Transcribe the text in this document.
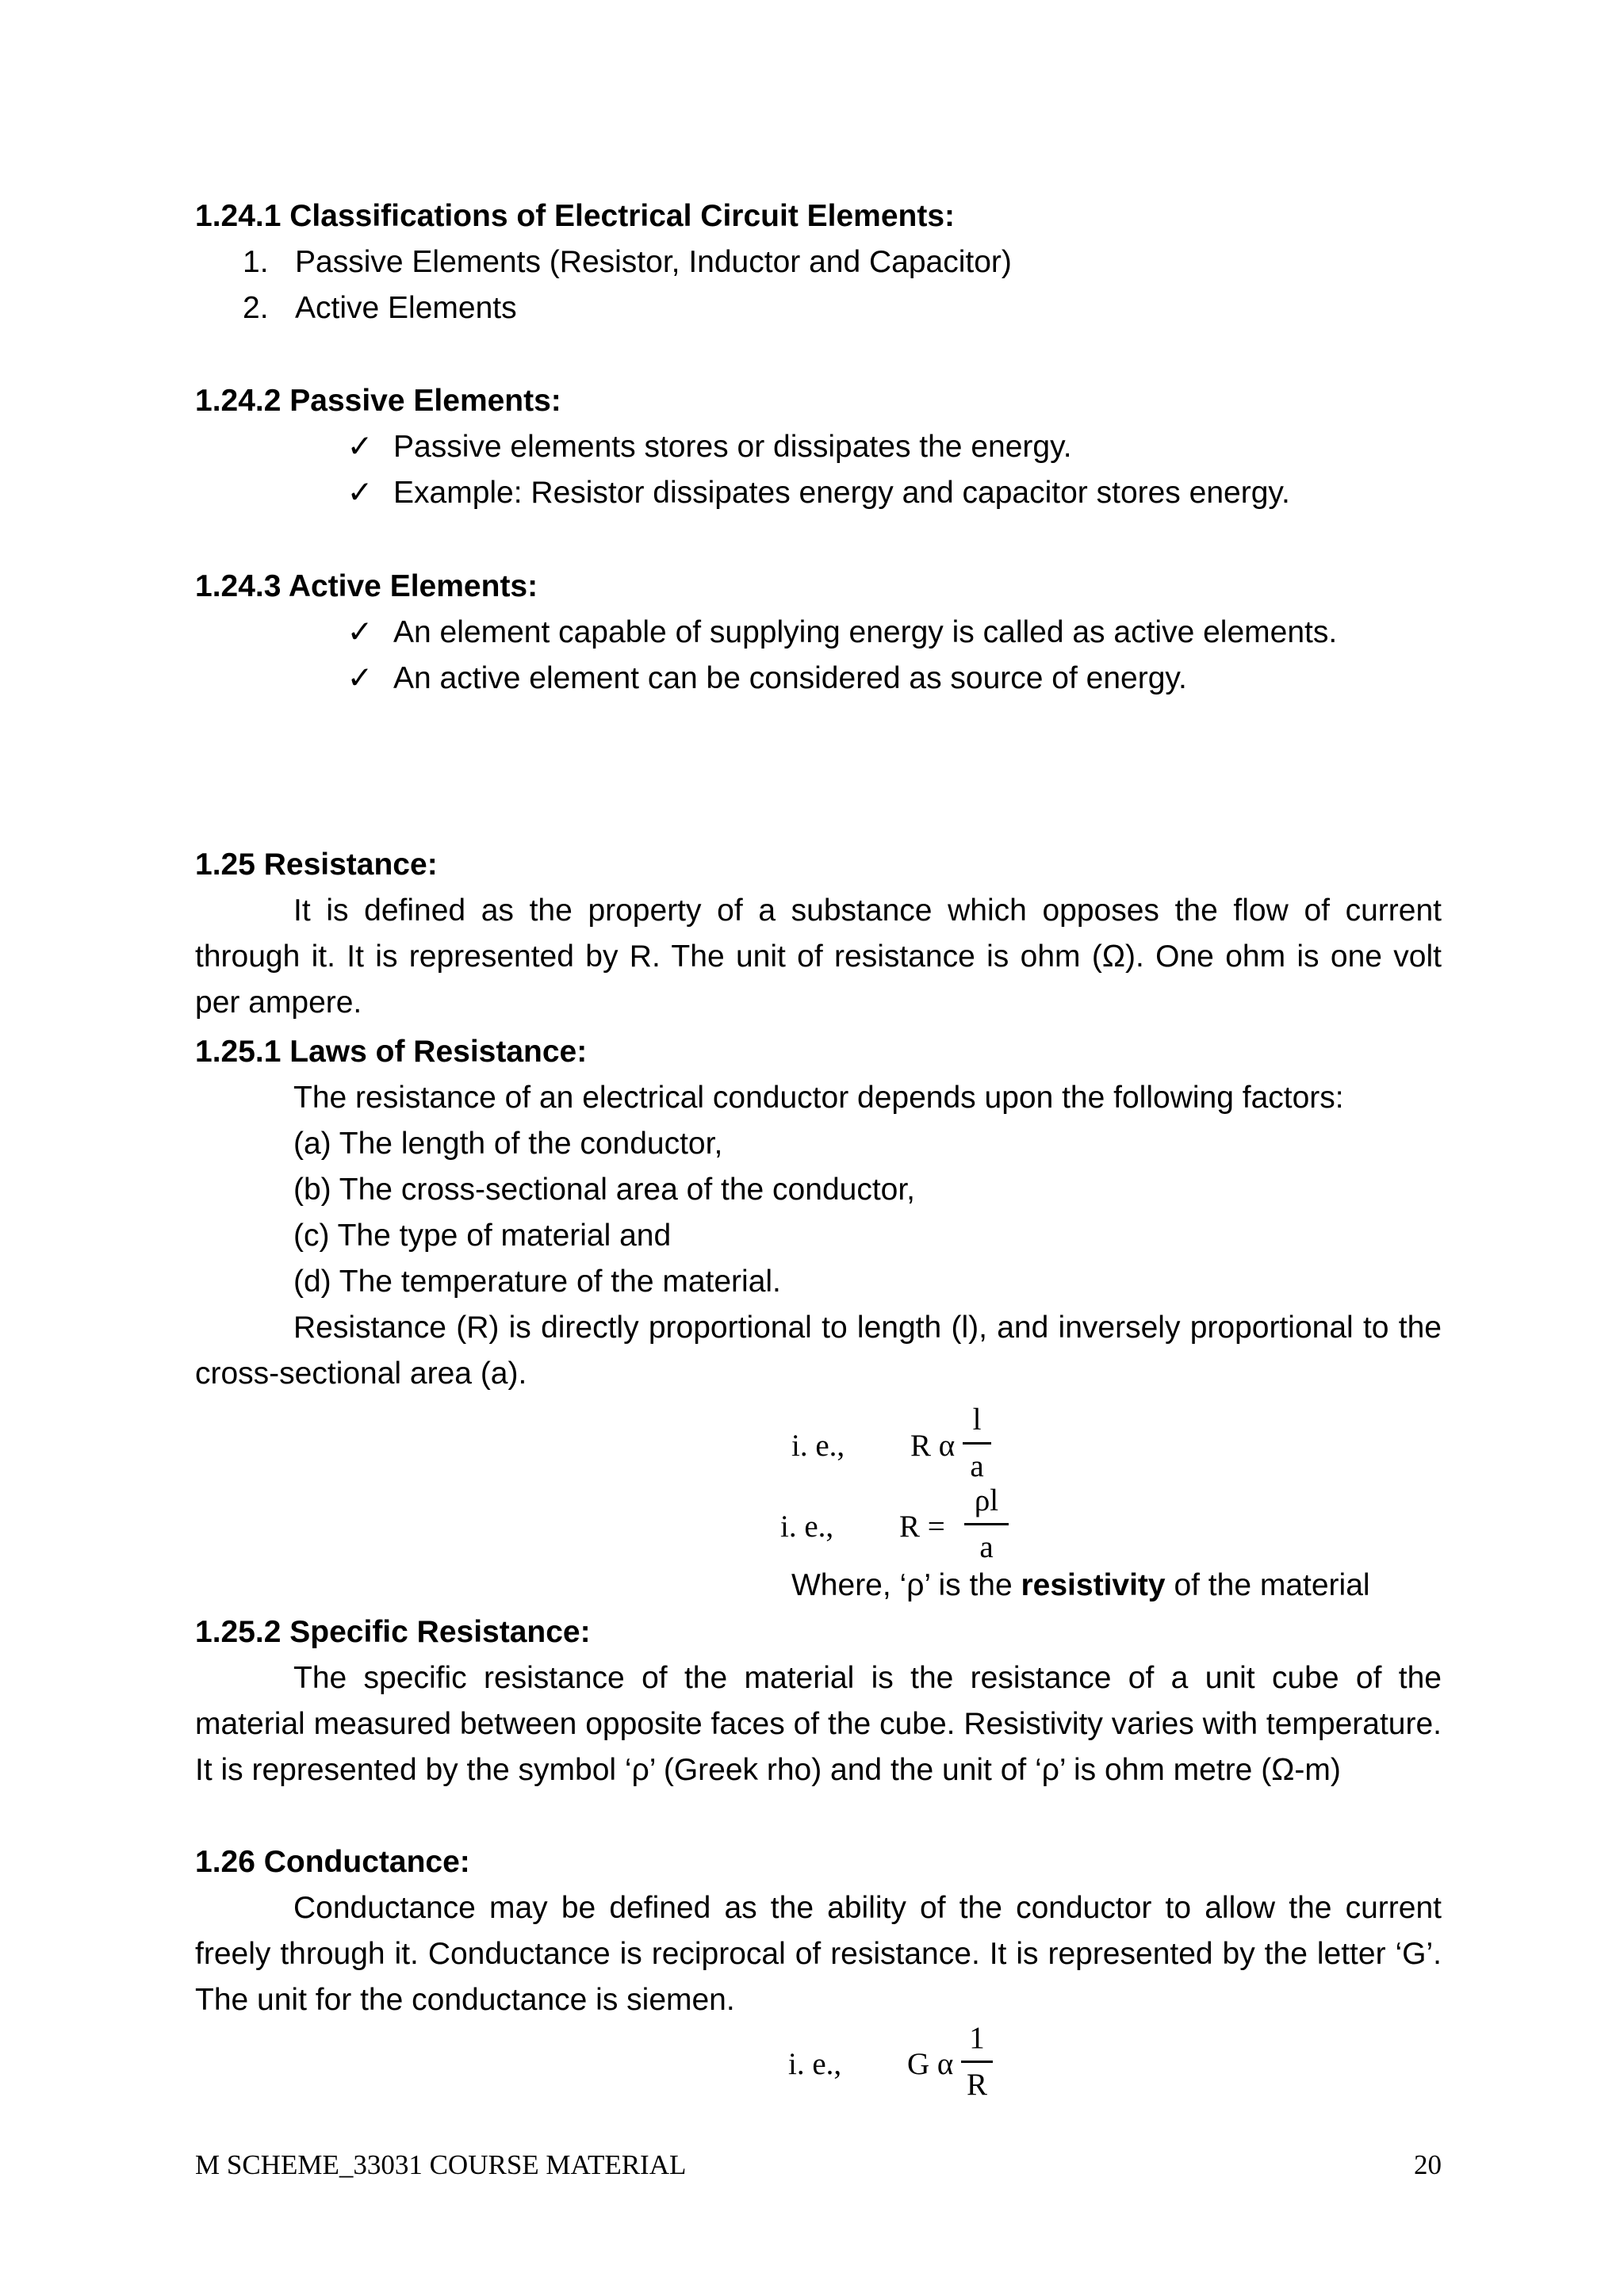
1.24.1 Classifications of Electrical Circuit Elements:
1. Passive Elements (Resistor, Inductor and Capacitor)
2. Active Elements
1.24.2 Passive Elements:
✓ Passive elements stores or dissipates the energy.
✓ Example: Resistor dissipates energy and capacitor stores energy.
1.24.3 Active Elements:
✓ An element capable of supplying energy is called as active elements.
✓ An active element can be considered as source of energy.
1.25 Resistance:
It is defined as the property of a substance which opposes the flow of current through it. It is represented by R. The unit of resistance is ohm (Ω). One ohm is one volt per ampere.
1.25.1 Laws of Resistance:
The resistance of an electrical conductor depends upon the following factors:
(a) The length of the conductor,
(b) The cross-sectional area of the conductor,
(c) The type of material and
(d) The temperature of the material.
Resistance (R) is directly proportional to length (l), and inversely proportional to the cross-sectional area (a).
i. e., R α
l
a
i. e., R =
ρl
a
Where, ‘ρ’ is the resistivity of the material
1.25.2 Specific Resistance:
The specific resistance of the material is the resistance of a unit cube of the material measured between opposite faces of the cube. Resistivity varies with temperature. It is represented by the symbol ‘ρ’ (Greek rho) and the unit of ‘ρ’ is ohm metre (Ω-m)
1.26 Conductance:
Conductance may be defined as the ability of the conductor to allow the current freely through it. Conductance is reciprocal of resistance. It is represented by the letter ‘G’. The unit for the conductance is siemen.
i. e., G α
1
R
M SCHEME_33031 COURSE MATERIAL	20
